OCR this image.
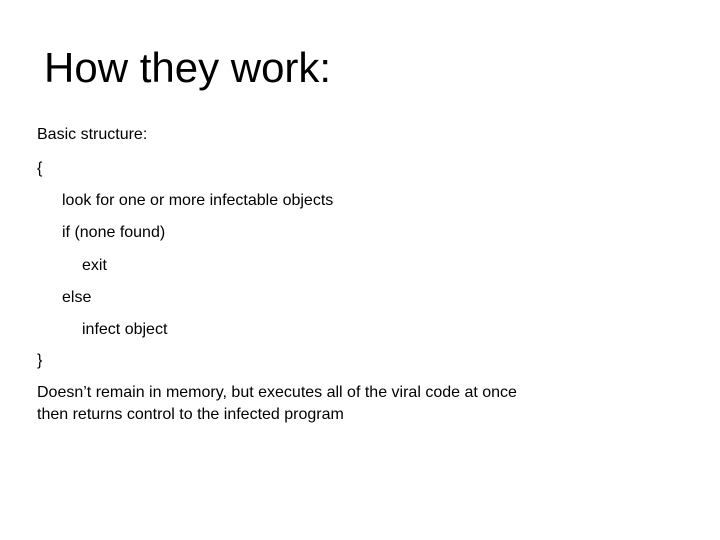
How they work:
Basic structure:
{
look for one or more infectable objects
if (none found)
exit
else
infect object
}
Doesn’t remain in memory, but executes all of the viral code at once
then returns control to the infected program
